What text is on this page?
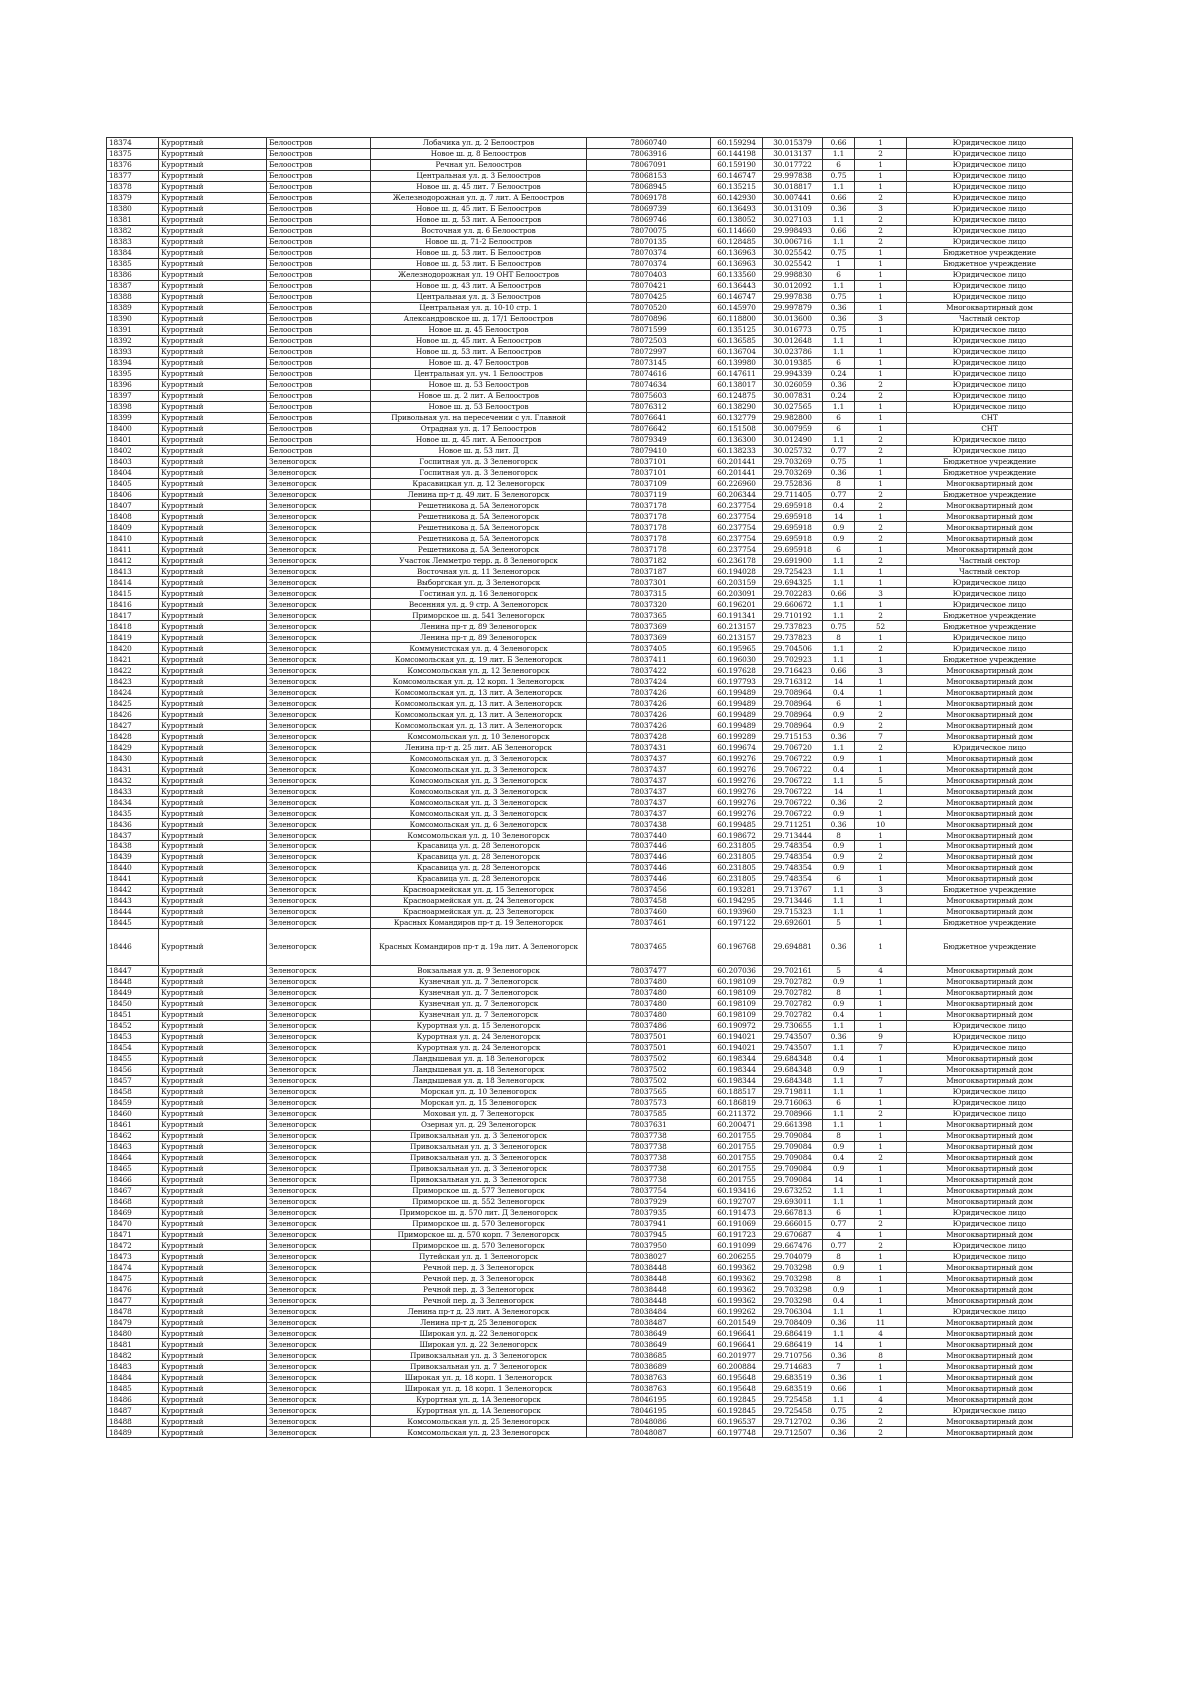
18374	Курортный	Белоостров	Лобачика ул. д. 2 Белоостров	78060740	60.159294	30.015379	0.66	1	Юридическое лицо
18375	Курортный	Белоостров	Новое ш. д. 8 Белоостров	78063916	60.144198	30.013137	1.1	2	Юридическое лицо
18376	Курортный	Белоостров	Речная ул. Белоостров	78067091	60.159190	30.017722	6	1	Юридическое лицо
18377	Курортный	Белоостров	Центральная ул. д. 3 Белоостров	78068153	60.146747	29.997838	0.75	1	Юридическое лицо
18378	Курортный	Белоостров	Новое ш. д. 45 лит. 7 Белоостров	78068945	60.135215	30.018817	1.1	1	Юридическое лицо
18379	Курортный	Белоостров	Железнодорожная ул. д. 7 лит. А Белоостров	78069178	60.142930	30.007441	0.66	2	Юридическое лицо
18380	Курортный	Белоостров	Новое ш. д. 45 лит. Б Белоостров	78069739	60.136493	30.013109	0.36	3	Юридическое лицо
18381	Курортный	Белоостров	Новое ш. д. 53 лит. А Белоостров	78069746	60.138052	30.027103	1.1	2	Юридическое лицо
18382	Курортный	Белоостров	Восточная ул. д. 6 Белоостров	78070075	60.114660	29.998493	0.66	2	Юридическое лицо
18383	Курортный	Белоостров	Новое ш. д. 71-2 Белоостров	78070135	60.128485	30.006716	1.1	2	Юридическое лицо
18384	Курортный	Белоостров	Новое ш. д. 53 лит. Б Белоостров	78070374	60.136963	30.025542	0.75	1	Бюджетное учреждение
18385	Курортный	Белоостров	Новое ш. д. 53 лит. Б Белоостров	78070374	60.136963	30.025542	1	1	Бюджетное учреждение
18386	Курортный	Белоостров	Железнодорожная ул. 19 ОНТ Белоостров	78070403	60.133560	29.998830	6	1	Юридическое лицо
18387	Курортный	Белоостров	Новое ш. д. 43 лит. А Белоостров	78070421	60.136443	30.012092	1.1	1	Юридическое лицо
18388	Курортный	Белоостров	Центральная ул. д. 3 Белоостров	78070425	60.146747	29.997838	0.75	1	Юридическое лицо
18389	Курортный	Белоостров	Центральная ул. д. 10-10 стр. 1	78070520	60.145970	29.997879	0.36	1	Многоквартирный дом
18390	Курортный	Белоостров	Александровское ш. д. 17/1 Белоостров	78070896	60.118800	30.013600	0.36	3	Частный сектор
18391	Курортный	Белоостров	Новое ш. д. 45 Белоостров	78071599	60.135125	30.016773	0.75	1	Юридическое лицо
18392	Курортный	Белоостров	Новое ш. д. 45 лит. А Белоостров	78072503	60.136585	30.012648	1.1	1	Юридическое лицо
18393	Курортный	Белоостров	Новое ш. д. 53 лит. А Белоостров	78072997	60.136704	30.023786	1.1	1	Юридическое лицо
18394	Курортный	Белоостров	Новое ш. д. 47 Белоостров	78073145	60.139980	30.019385	6	1	Юридическое лицо
18395	Курортный	Белоостров	Центральная ул. уч. 1 Белоостров	78074616	60.147611	29.994339	0.24	1	Юридическое лицо
18396	Курортный	Белоостров	Новое ш. д. 53 Белоостров	78074634	60.138017	30.026059	0.36	2	Юридическое лицо
18397	Курортный	Белоостров	Новое ш. д. 2 лит. А Белоостров	78075603	60.124875	30.007831	0.24	2	Юридическое лицо
18398	Курортный	Белоостров	Новое ш. д. 53 Белоостров	78076312	60.138290	30.027565	1.1	1	Юридическое лицо
18399	Курортный	Белоостров	Привольная ул. на пересечении с ул. Главной	78076641	60.132779	29.982800	6	1	СНТ
18400	Курортный	Белоостров	Отрадная ул. д. 17 Белоостров	78076642	60.151508	30.007959	6	1	СНТ
18401	Курортный	Белоостров	Новое ш. д. 45 лит. А Белоостров	78079349	60.136300	30.012490	1.1	2	Юридическое лицо
18402	Курортный	Белоостров	Новое ш. д. 53 лит. Д	78079410	60.138233	30.025732	0.77	2	Юридическое лицо
18403	Курортный	Зеленогорск	Госпитная ул. д. 3 Зеленогорск	78037101	60.201441	29.703269	0.75	1	Бюджетное учреждение
18404	Курортный	Зеленогорск	Госпитная ул. д. 3 Зеленогорск	78037101	60.201441	29.703269	0.36	1	Бюджетное учреждение
18405	Курортный	Зеленогорск	Красавицкая ул. д. 12 Зеленогорск	78037109	60.226960	29.752836	8	1	Многоквартирный дом
18406	Курортный	Зеленогорск	Ленина пр-т д. 49 лит. Б Зеленогорск	78037119	60.206344	29.711405	0.77	2	Бюджетное учреждение
18407	Курортный	Зеленогорск	Решетникова д. 5А Зеленогорск	78037178	60.237754	29.695918	0.4	2	Многоквартирный дом
18408	Курортный	Зеленогорск	Решетникова д. 5А Зеленогорск	78037178	60.237754	29.695918	14	1	Многоквартирный дом
18409	Курортный	Зеленогорск	Решетникова д. 5А Зеленогорск	78037178	60.237754	29.695918	0.9	2	Многоквартирный дом
18410	Курортный	Зеленогорск	Решетникова д. 5А Зеленогорск	78037178	60.237754	29.695918	0.9	2	Многоквартирный дом
18411	Курортный	Зеленогорск	Решетникова д. 5А Зеленогорск	78037178	60.237754	29.695918	6	1	Многоквартирный дом
18412	Курортный	Зеленогорск	Участок Лемметро терр. д. 8 Зеленогорск	78037182	60.236178	29.691900	1.1	2	Частный сектор
18413	Курортный	Зеленогорск	Восточная ул. д. 11 Зеленогорск	78037187	60.194028	29.725423	1.1	1	Частный сектор
18414	Курортный	Зеленогорск	Выборгская ул. д. 3 Зеленогорск	78037301	60.203159	29.694325	1.1	1	Юридическое лицо
18415	Курортный	Зеленогорск	Гостиная ул. д. 16 Зеленогорск	78037315	60.203091	29.702283	0.66	3	Юридическое лицо
18416	Курортный	Зеленогорск	Весенняя ул. д. 9 стр. А Зеленогорск	78037320	60.196201	29.660672	1.1	1	Юридическое лицо
18417	Курортный	Зеленогорск	Приморское ш. д. 541 Зеленогорск	78037365	60.191341	29.710192	1.1	2	Бюджетное учреждение
18418	Курортный	Зеленогорск	Ленина пр-т д. 89 Зеленогорск	78037369	60.213157	29.737823	0.75	52	Бюджетное учреждение
18419	Курортный	Зеленогорск	Ленина пр-т д. 89 Зеленогорск	78037369	60.213157	29.737823	8	1	Юридическое лицо
18420	Курортный	Зеленогорск	Коммунистская ул. д. 4 Зеленогорск	78037405	60.195965	29.704506	1.1	2	Юридическое лицо
18421	Курортный	Зеленогорск	Комсомольская ул. д. 19 лит. Б Зеленогорск	78037411	60.196030	29.702923	1.1	1	Бюджетное учреждение
18422	Курортный	Зеленогорск	Комсомольская ул. д. 12 Зеленогорск	78037422	60.197628	29.716423	0.66	3	Многоквартирный дом
18423	Курортный	Зеленогорск	Комсомольская ул. д. 12 корп. 1 Зеленогорск	78037424	60.197793	29.716312	14	1	Многоквартирный дом
18424	Курортный	Зеленогорск	Комсомольская ул. д. 13 лит. А Зеленогорск	78037426	60.199489	29.708964	0.4	1	Многоквартирный дом
18425	Курортный	Зеленогорск	Комсомольская ул. д. 13 лит. А Зеленогорск	78037426	60.199489	29.708964	6	1	Многоквартирный дом
18426	Курортный	Зеленогорск	Комсомольская ул. д. 13 лит. А Зеленогорск	78037426	60.199489	29.708964	0.9	2	Многоквартирный дом
18427	Курортный	Зеленогорск	Комсомольская ул. д. 13 лит. А Зеленогорск	78037426	60.199489	29.708964	0.9	2	Многоквартирный дом
18428	Курортный	Зеленогорск	Комсомольская ул. д. 10 Зеленогорск	78037428	60.199289	29.715153	0.36	7	Многоквартирный дом
18429	Курортный	Зеленогорск	Ленина пр-т д. 25 лит. АБ Зеленогорск	78037431	60.199674	29.706720	1.1	2	Юридическое лицо
18430	Курортный	Зеленогорск	Комсомольская ул. д. 3 Зеленогорск	78037437	60.199276	29.706722	0.9	1	Многоквартирный дом
18431	Курортный	Зеленогорск	Комсомольская ул. д. 3 Зеленогорск	78037437	60.199276	29.706722	0.4	1	Многоквартирный дом
18432	Курортный	Зеленогорск	Комсомольская ул. д. 3 Зеленогорск	78037437	60.199276	29.706722	1.1	5	Многоквартирный дом
18433	Курортный	Зеленогорск	Комсомольская ул. д. 3 Зеленогорск	78037437	60.199276	29.706722	14	1	Многоквартирный дом
18434	Курортный	Зеленогорск	Комсомольская ул. д. 3 Зеленогорск	78037437	60.199276	29.706722	0.36	2	Многоквартирный дом
18435	Курортный	Зеленогорск	Комсомольская ул. д. 3 Зеленогорск	78037437	60.199276	29.706722	0.9	1	Многоквартирный дом
18436	Курортный	Зеленогорск	Комсомольская ул. д. 6 Зеленогорск	78037438	60.199485	29.711251	0.36	10	Многоквартирный дом
18437	Курортный	Зеленогорск	Комсомольская ул. д. 10 Зеленогорск	78037440	60.198672	29.713444	8	1	Многоквартирный дом
18438	Курортный	Зеленогорск	Красавица ул. д. 28 Зеленогорск	78037446	60.231805	29.748354	0.9	1	Многоквартирный дом
18439	Курортный	Зеленогорск	Красавица ул. д. 28 Зеленогорск	78037446	60.231805	29.748354	0.9	2	Многоквартирный дом
18440	Курортный	Зеленогорск	Красавица ул. д. 28 Зеленогорск	78037446	60.231805	29.748354	0.9	1	Многоквартирный дом
18441	Курортный	Зеленогорск	Красавица ул. д. 28 Зеленогорск	78037446	60.231805	29.748354	6	1	Многоквартирный дом
18442	Курортный	Зеленогорск	Красноармейская ул. д. 15 Зеленогорск	78037456	60.193281	29.713767	1.1	3	Бюджетное учреждение
18443	Курортный	Зеленогорск	Красноармейская ул. д. 24 Зеленогорск	78037458	60.194295	29.713446	1.1	1	Многоквартирный дом
18444	Курортный	Зеленогорск	Красноармейская ул. д. 23 Зеленогорск	78037460	60.193960	29.715323	1.1	1	Многоквартирный дом
18445	Курортный	Зеленогорск	Красных Командиров пр-т д. 19 Зеленогорск	78037461	60.197122	29.692601	5	1	Бюджетное учреждение
18446	Курортный	Зеленогорск	Красных Командиров пр-т д. 19а лит. А Зеленогорск	78037465	60.196768	29.694881	0.36	1	Бюджетное учреждение
18447	Курортный	Зеленогорск	Вокзальная ул. д. 9 Зеленогорск	78037477	60.207036	29.702161	5	4	Многоквартирный дом
18448	Курортный	Зеленогорск	Кузнечная ул. д. 7 Зеленогорск	78037480	60.198109	29.702782	0.9	1	Многоквартирный дом
18449	Курортный	Зеленогорск	Кузнечная ул. д. 7 Зеленогорск	78037480	60.198109	29.702782	8	1	Многоквартирный дом
18450	Курортный	Зеленогорск	Кузнечная ул. д. 7 Зеленогорск	78037480	60.198109	29.702782	0.9	1	Многоквартирный дом
18451	Курортный	Зеленогорск	Кузнечная ул. д. 7 Зеленогорск	78037480	60.198109	29.702782	0.4	1	Многоквартирный дом
18452	Курортный	Зеленогорск	Курортная ул. д. 15 Зеленогорск	78037486	60.190972	29.730655	1.1	1	Юридическое лицо
18453	Курортный	Зеленогорск	Курортная ул. д. 24 Зеленогорск	78037501	60.194021	29.743507	0.36	9	Юридическое лицо
18454	Курортный	Зеленогорск	Курортная ул. д. 24 Зеленогорск	78037501	60.194021	29.743507	1.1	7	Юридическое лицо
18455	Курортный	Зеленогорск	Ландышевая ул. д. 18 Зеленогорск	78037502	60.198344	29.684348	0.4	1	Многоквартирный дом
18456	Курортный	Зеленогорск	Ландышевая ул. д. 18 Зеленогорск	78037502	60.198344	29.684348	0.9	1	Многоквартирный дом
18457	Курортный	Зеленогорск	Ландышевая ул. д. 18 Зеленогорск	78037502	60.198344	29.684348	1.1	7	Многоквартирный дом
18458	Курортный	Зеленогорск	Морская ул. д. 10 Зеленогорск	78037565	60.188517	29.719811	1.1	1	Юридическое лицо
18459	Курортный	Зеленогорск	Морская ул. д. 15 Зеленогорск	78037573	60.186819	29.716063	6	1	Юридическое лицо
18460	Курортный	Зеленогорск	Моховая ул. д. 7 Зеленогорск	78037585	60.211372	29.708966	1.1	2	Юридическое лицо
18461	Курортный	Зеленогорск	Озерная ул. д. 29 Зеленогорск	78037631	60.200471	29.661398	1.1	1	Многоквартирный дом
18462	Курортный	Зеленогорск	Привокзальная ул. д. 3 Зеленогорск	78037738	60.201755	29.709084	8	1	Многоквартирный дом
18463	Курортный	Зеленогорск	Привокзальная ул. д. 3 Зеленогорск	78037738	60.201755	29.709084	0.9	1	Многоквартирный дом
18464	Курортный	Зеленогорск	Привокзальная ул. д. 3 Зеленогорск	78037738	60.201755	29.709084	0.4	2	Многоквартирный дом
18465	Курортный	Зеленогорск	Привокзальная ул. д. 3 Зеленогорск	78037738	60.201755	29.709084	0.9	1	Многоквартирный дом
18466	Курортный	Зеленогорск	Привокзальная ул. д. 3 Зеленогорск	78037738	60.201755	29.709084	14	1	Многоквартирный дом
18467	Курортный	Зеленогорск	Приморское ш. д. 577 Зеленогорск	78037754	60.193416	29.673252	1.1	1	Многоквартирный дом
18468	Курортный	Зеленогорск	Приморское ш. д. 552 Зеленогорск	78037929	60.192707	29.693011	1.1	1	Многоквартирный дом
18469	Курортный	Зеленогорск	Приморское ш. д. 570 лит. Д Зеленогорск	78037935	60.191473	29.667813	6	1	Юридическое лицо
18470	Курортный	Зеленогорск	Приморское ш. д. 570 Зеленогорск	78037941	60.191069	29.666015	0.77	2	Юридическое лицо
18471	Курортный	Зеленогорск	Приморское ш. д. 570 корп. 7 Зеленогорск	78037945	60.191723	29.670687	4	1	Многоквартирный дом
18472	Курортный	Зеленогорск	Приморское ш. д. 570 Зеленогорск	78037950	60.191099	29.667476	0.77	2	Юридическое лицо
18473	Курортный	Зеленогорск	Путейская ул. д. 1 Зеленогорск	78038027	60.206255	29.704079	8	1	Юридическое лицо
18474	Курортный	Зеленогорск	Речной пер. д. 3 Зеленогорск	78038448	60.199362	29.703298	0.9	1	Многоквартирный дом
18475	Курортный	Зеленогорск	Речной пер. д. 3 Зеленогорск	78038448	60.199362	29.703298	8	1	Многоквартирный дом
18476	Курортный	Зеленогорск	Речной пер. д. 3 Зеленогорск	78038448	60.199362	29.703298	0.9	1	Многоквартирный дом
18477	Курортный	Зеленогорск	Речной пер. д. 3 Зеленогорск	78038448	60.199362	29.703298	0.4	1	Многоквартирный дом
18478	Курортный	Зеленогорск	Ленина пр-т д. 23 лит. А Зеленогорск	78038484	60.199262	29.706304	1.1	1	Юридическое лицо
18479	Курортный	Зеленогорск	Ленина пр-т д. 25 Зеленогорск	78038487	60.201549	29.708409	0.36	11	Многоквартирный дом
18480	Курортный	Зеленогорск	Широкая ул. д. 22 Зеленогорск	78038649	60.196641	29.686419	1.1	4	Многоквартирный дом
18481	Курортный	Зеленогорск	Широкая ул. д. 22 Зеленогорск	78038649	60.196641	29.686419	14	1	Многоквартирный дом
18482	Курортный	Зеленогорск	Привокзальная ул. д. 3 Зеленогорск	78038685	60.201977	29.710756	0.36	8	Многоквартирный дом
18483	Курортный	Зеленогорск	Привокзальная ул. д. 7 Зеленогорск	78038689	60.200884	29.714683	7	1	Многоквартирный дом
18484	Курортный	Зеленогорск	Широкая ул. д. 18 корп. 1 Зеленогорск	78038763	60.195648	29.683519	0.36	1	Многоквартирный дом
18485	Курортный	Зеленогорск	Широкая ул. д. 18 корп. 1 Зеленогорск	78038763	60.195648	29.683519	0.66	1	Многоквартирный дом
18486	Курортный	Зеленогорск	Курортная ул. д. 1А Зеленогорск	78046195	60.192845	29.725458	1.1	4	Многоквартирный дом
18487	Курортный	Зеленогорск	Курортная ул. д. 1А Зеленогорск	78046195	60.192845	29.725458	0.75	2	Юридическое лицо
18488	Курортный	Зеленогорск	Комсомольская ул. д. 25 Зеленогорск	78048086	60.196537	29.712702	0.36	2	Многоквартирный дом
18489	Курортный	Зеленогорск	Комсомольская ул. д. 23 Зеленогорск	78048087	60.197748	29.712507	0.36	2	Многоквартирный дом
